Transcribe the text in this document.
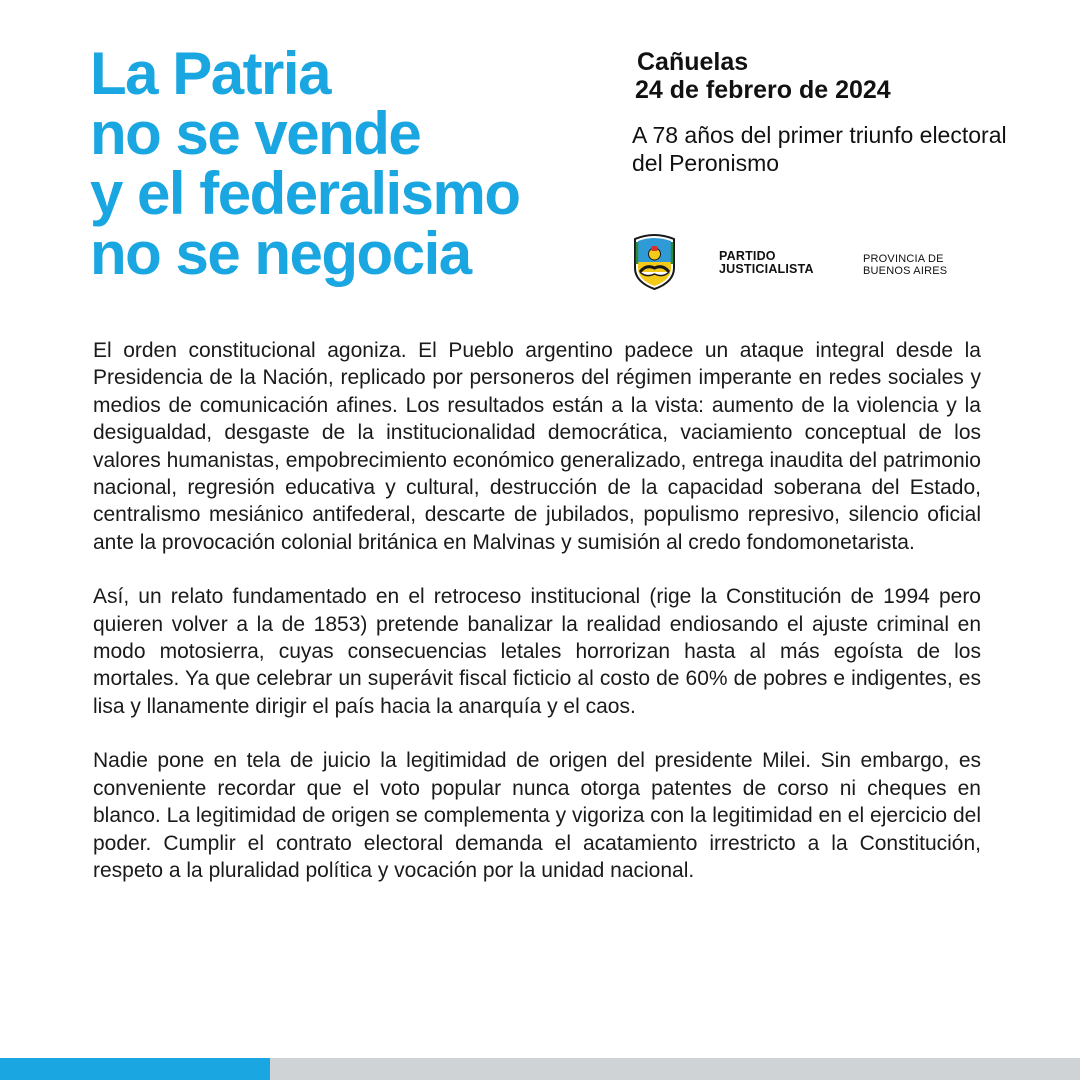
La Patria
no se vende
y el federalismo
no se negocia
Cañuelas
24 de febrero de 2024
A 78 años del primer triunfo electoral del Peronismo
PARTIDO
JUSTICIALISTA
PROVINCIA DE
BUENOS AIRES

El orden constitucional agoniza. El Pueblo argentino padece un ataque integral desde la Presidencia de la Nación, replicado por personeros del régimen imperante en redes sociales y medios de comunicación afines. Los resultados están a la vista: aumento de la violencia y la desigualdad, desgaste de la institucionalidad democrática, vaciamiento conceptual de los valores humanistas, empobrecimiento económico generalizado, entrega inaudita del patrimonio nacional, regresión educativa y cultural, destrucción de la capacidad soberana del Estado, centralismo mesiánico antifederal, descarte de jubilados, populismo represivo, silencio oficial ante la provocación colonial británica en Malvinas y sumisión al credo fondomonetarista.

Así, un relato fundamentado en el retroceso institucional (rige la Constitución de 1994 pero quieren volver a la de 1853) pretende banalizar la realidad endiosando el ajuste criminal en modo motosierra, cuyas consecuencias letales horrorizan hasta al más egoísta de los mortales. Ya que celebrar un superávit fiscal ficticio al costo de 60% de pobres e indigentes, es lisa y llanamente dirigir el país hacia la anarquía y el caos.

Nadie pone en tela de juicio la legitimidad de origen del presidente Milei. Sin embargo, es conveniente recordar que el voto popular nunca otorga patentes de corso ni cheques en blanco. La legitimidad de origen se complementa y vigoriza con la legitimidad en el ejercicio del poder. Cumplir el contrato electoral demanda el acatamiento irrestricto a la Constitución, respeto a la pluralidad política y vocación por la unidad nacional.
